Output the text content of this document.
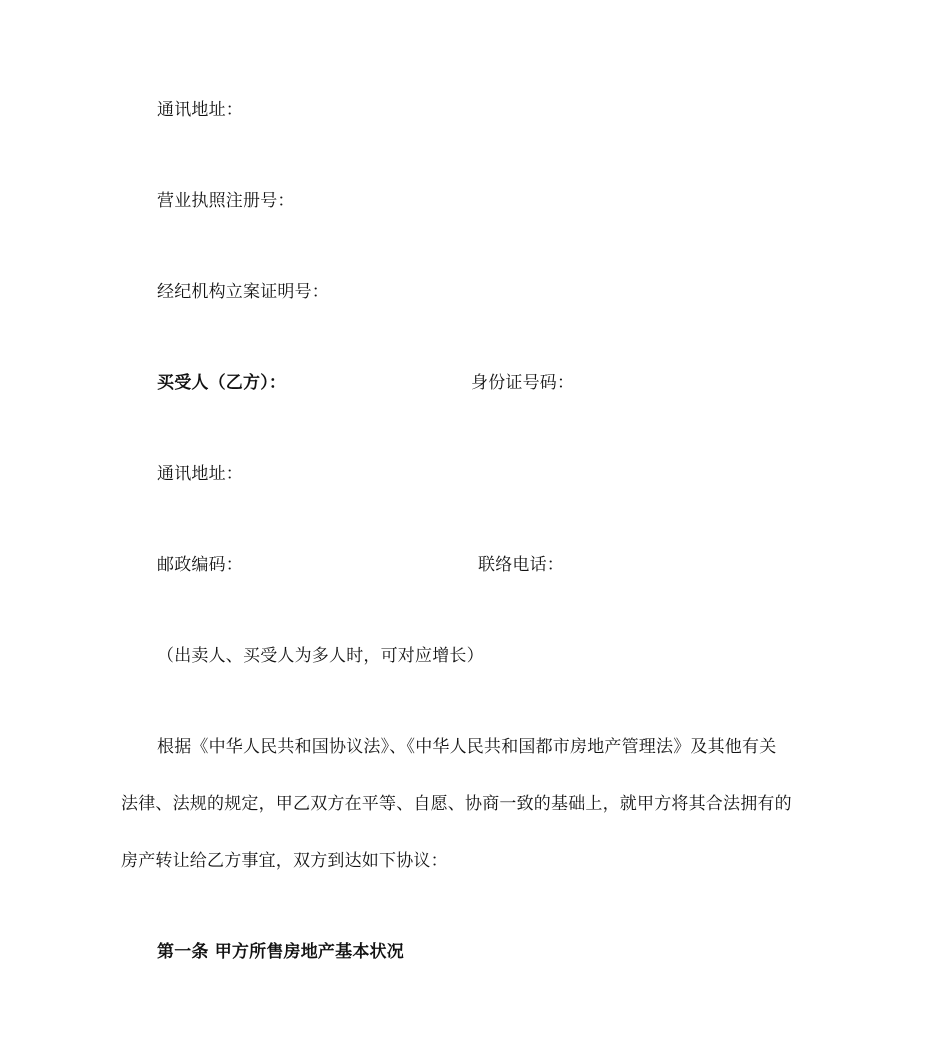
通讯地址：
营业执照注册号：
经纪机构立案证明号：
买受人（乙方）：	身份证号码：
通讯地址：
邮政编码：	联络电话：
（出卖人、买受人为多人时，可对应增长）
根据《中华人民共和国协议法》、《中华人民共和国都市房地产管理法》及其他有关
法律、法规的规定，甲乙双方在平等、自愿、协商一致的基础上，就甲方将其合法拥有的
房产转让给乙方事宜，双方到达如下协议：
第一条 甲方所售房地产基本状况
